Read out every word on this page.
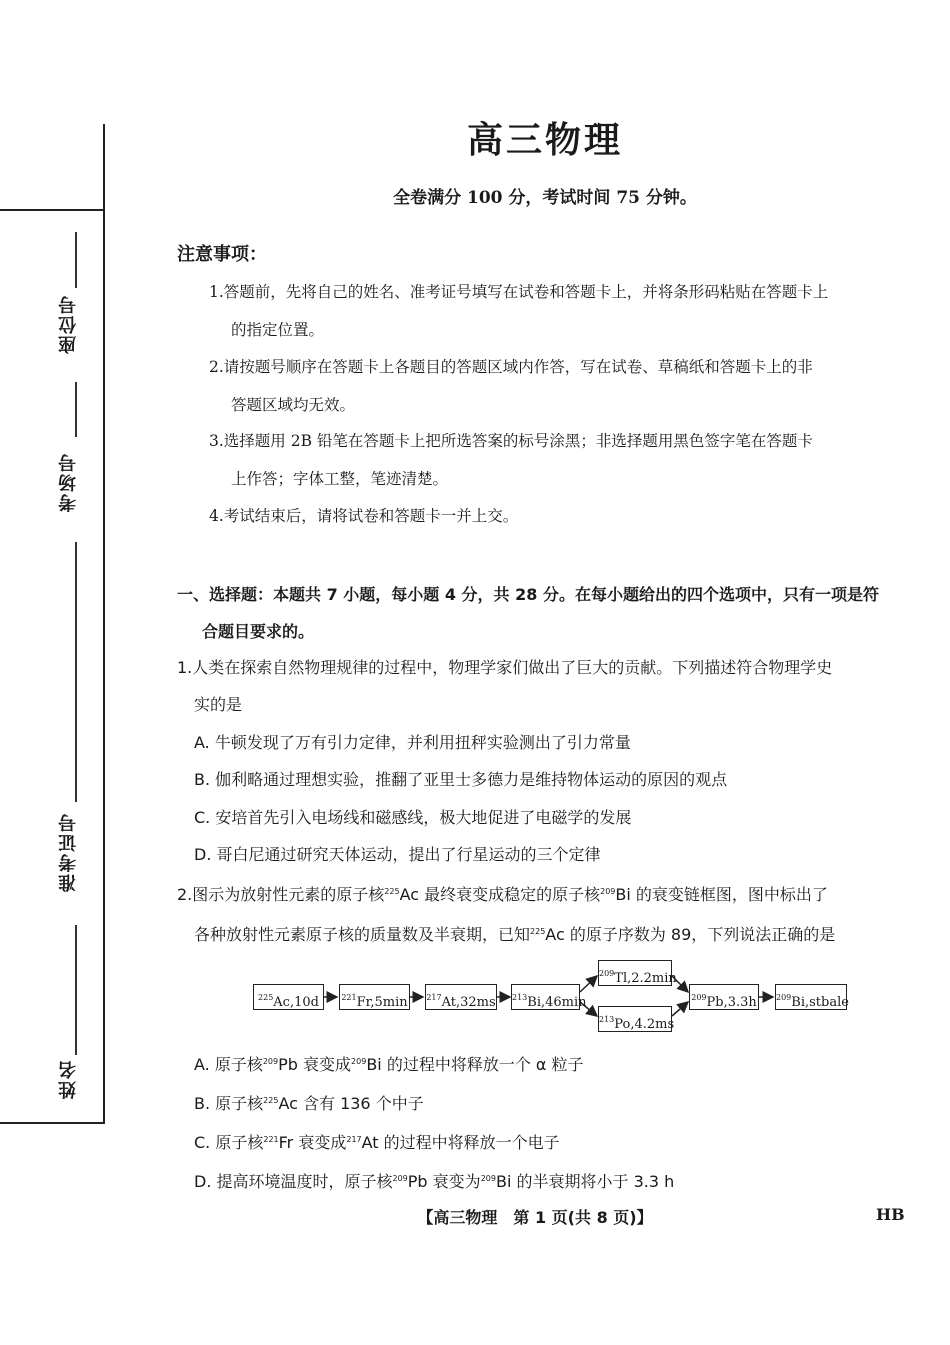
座位号
考场号
准考证号
姓名
高三物理
全卷满分 100 分，考试时间 75 分钟。
注意事项：
1.答题前，先将自己的姓名、准考证号填写在试卷和答题卡上，并将条形码粘贴在答题卡上
的指定位置。
2.请按题号顺序在答题卡上各题目的答题区域内作答，写在试卷、草稿纸和答题卡上的非
答题区域均无效。
3.选择题用 2B 铅笔在答题卡上把所选答案的标号涂黑；非选择题用黑色签字笔在答题卡
上作答；字体工整，笔迹清楚。
4.考试结束后，请将试卷和答题卡一并上交。
一、选择题：本题共 7 小题，每小题 4 分，共 28 分。在每小题给出的四个选项中，只有一项是符
合题目要求的。
1.人类在探索自然物理规律的过程中，物理学家们做出了巨大的贡献。下列描述符合物理学史
实的是
A. 牛顿发现了万有引力定律，并利用扭秤实验测出了引力常量
B. 伽利略通过理想实验，推翻了亚里士多德力是维持物体运动的原因的观点
C. 安培首先引入电场线和磁感线，极大地促进了电磁学的发展
D. 哥白尼通过研究天体运动，提出了行星运动的三个定律
2.图示为放射性元素的原子核$^{225}$Ac 最终衰变成稳定的原子核$^{209}$Bi 的衰变链框图，图中标出了
各种放射性元素原子核的质量数及半衰期，已知$^{225}$Ac 的原子序数为 89，下列说法正确的是
$^{225}$Ac,10d	$^{221}$Fr,5min $^{217}$At,32ms $^{213}$Bi,46min
$^{209}$Tl,2.2min
$^{213}$Po,4.2ms
$^{209}$Pb,3.3h $^{209}$Bi,stbale
A. 原子核$^{209}$Pb 衰变成$^{209}$Bi 的过程中将释放一个 α 粒子
B. 原子核$^{225}$Ac 含有 136 个中子
C. 原子核$^{221}$Fr 衰变成$^{217}$At 的过程中将释放一个电子
D. 提高环境温度时，原子核$^{209}$Pb 衰变为$^{209}$Bi 的半衰期将小于 3.3 h
【高三物理　第 1 页(共 8 页)】	HB
